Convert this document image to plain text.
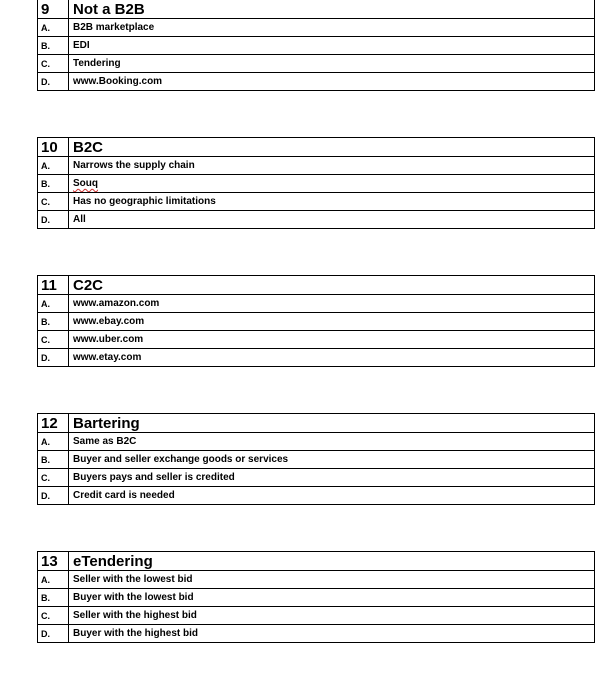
9	Not a B2B
A.	B2B marketplace
B.	EDI
C.	Tendering
D.	www.Booking.com
10	B2C
A.	Narrows the supply chain
B.	Souq
C.	Has no geographic limitations
D.	All
11	C2C
A.	www.amazon.com
B.	www.ebay.com
C.	www.uber.com
D.	www.etay.com
12	Bartering
A.	Same as B2C
B.	Buyer and seller exchange goods or services
C.	Buyers pays and seller is credited
D.	Credit card is needed
13	eTendering
A.	Seller with the lowest bid
B.	Buyer with the lowest bid
C.	Seller with the highest bid
D.	Buyer with the highest bid
